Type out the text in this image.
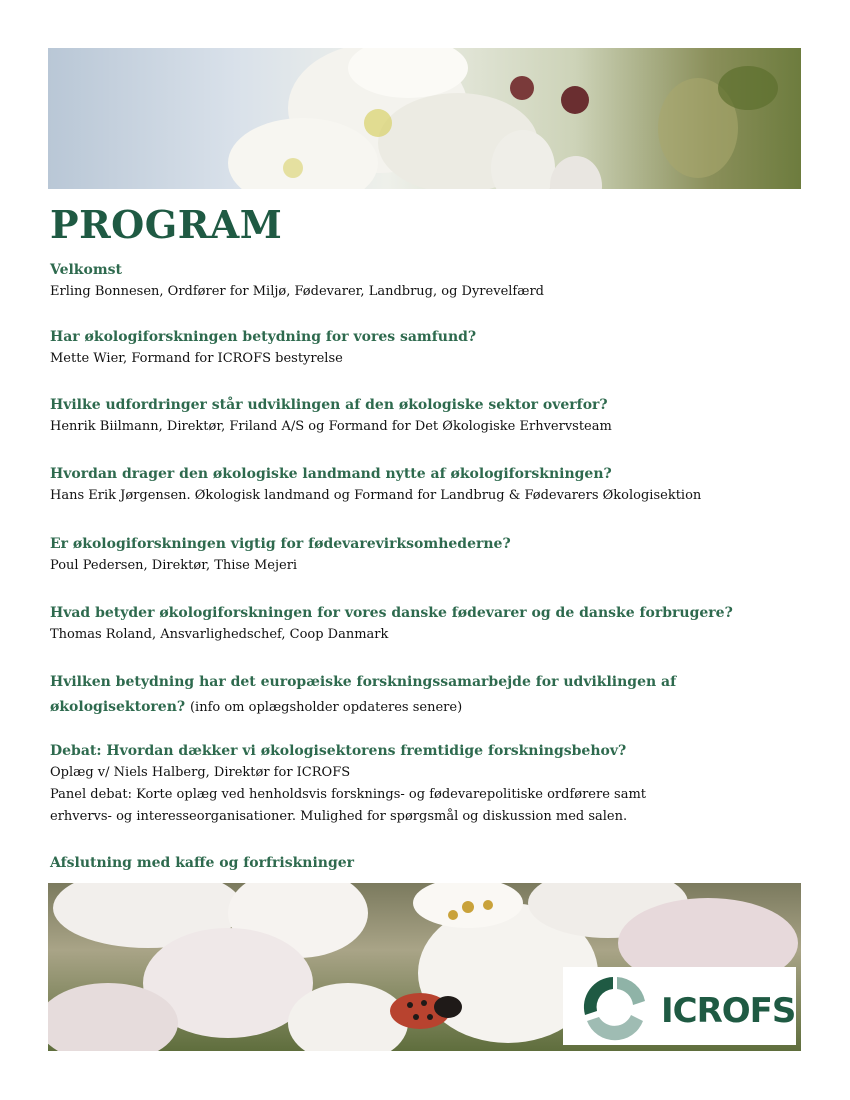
PROGRAM
Velkomst
Erling Bonnesen, Ordfører for Miljø, Fødevarer, Landbrug, og Dyrevelfærd
Har økologiforskningen betydning for vores samfund?
Mette Wier, Formand for ICROFS bestyrelse
Hvilke udfordringer står udviklingen af den økologiske sektor overfor?
Henrik Biilmann, Direktør, Friland A/S og Formand for Det Økologiske Erhvervsteam
Hvordan drager den økologiske landmand nytte af økologiforskningen?
Hans Erik Jørgensen. Økologisk landmand og Formand for Landbrug & Fødevarers Økologisektion
Er økologiforskningen vigtig for fødevarevirksomhederne?
Poul Pedersen, Direktør, Thise Mejeri
Hvad betyder økologiforskningen for vores danske fødevarer og de danske forbrugere?
Thomas Roland, Ansvarlighedschef, Coop Danmark
Hvilken betydning har det europæiske forskningssamarbejde for udviklingen af
økologisektoren? (info om oplægsholder opdateres senere)
Debat: Hvordan dækker vi økologisektorens fremtidige forskningsbehov?
Oplæg v/ Niels Halberg, Direktør for ICROFS
Panel debat: Korte oplæg ved henholdsvis forsknings- og fødevarepolitiske ordførere samt
erhvervs- og interesseorganisationer. Mulighed for spørgsmål og diskussion med salen.
Afslutning med kaffe og forfriskninger
ICROFS
